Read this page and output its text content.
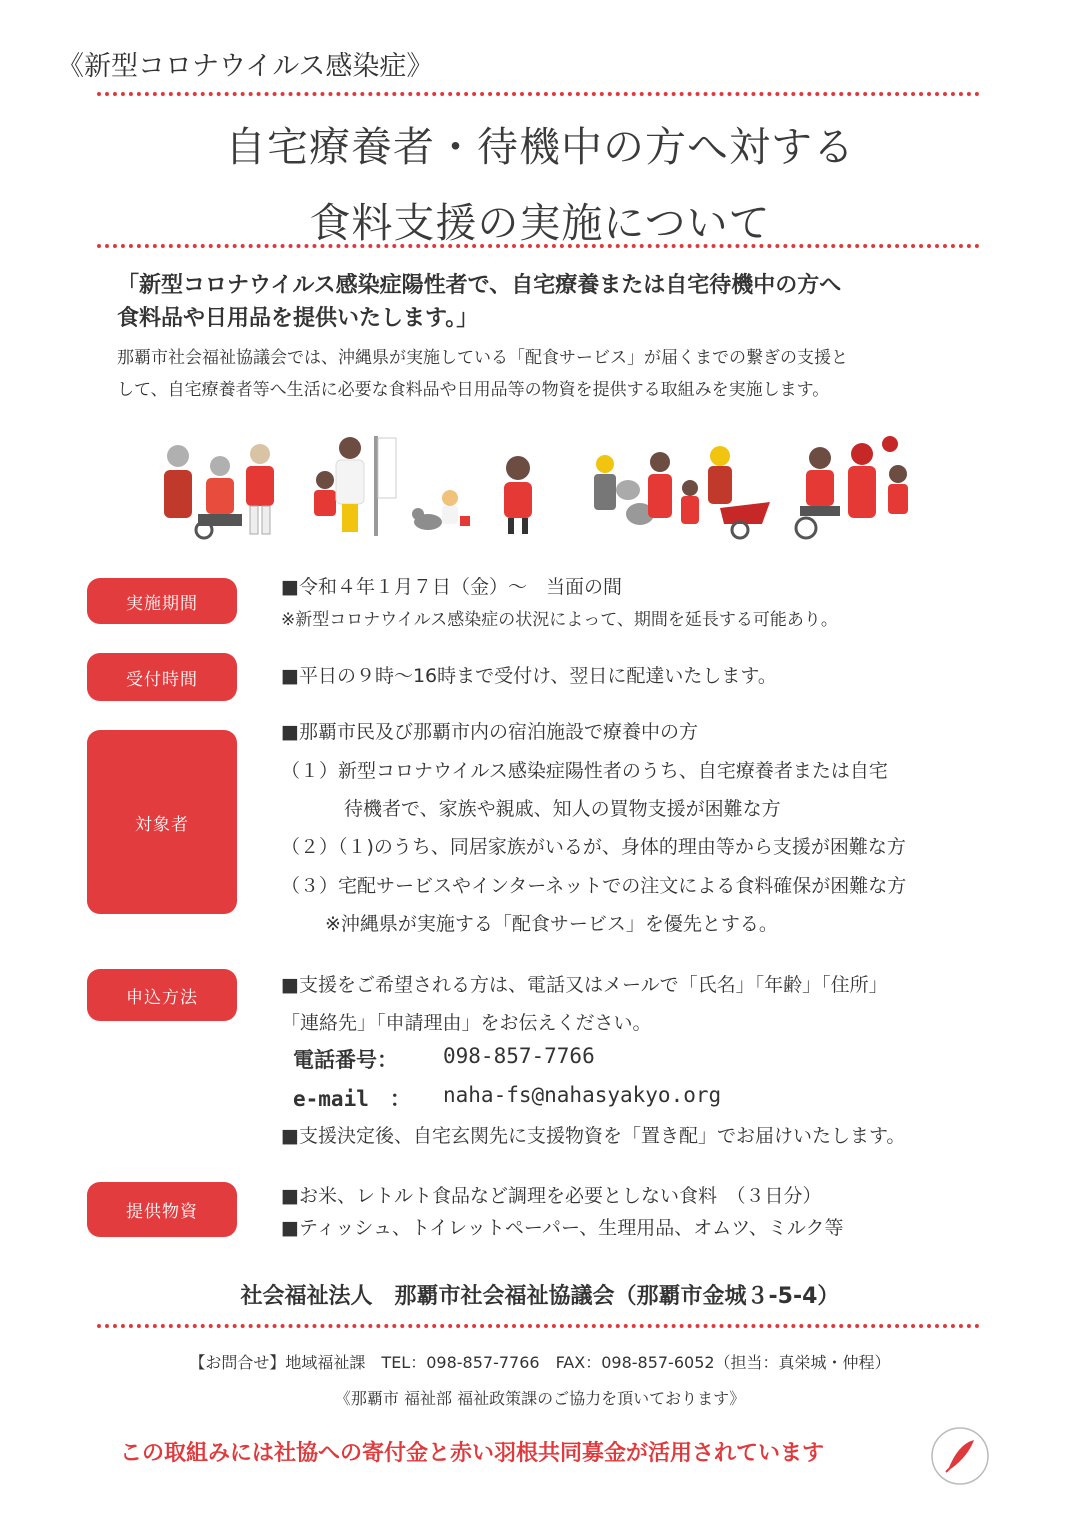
《新型コロナウイルス感染症》
自宅療養者・待機中の方へ対する
食料支援の実施について
「新型コロナウイルス感染症陽性者で、自宅療養または自宅待機中の方へ
食料品や日用品を提供いたします。」
那覇市社会福祉協議会では、沖縄県が実施している「配食サービス」が届くまでの繋ぎの支援と
して、自宅療養者等へ生活に必要な食料品や日用品等の物資を提供する取組みを実施します。
実施期間
■令和４年１月７日（金）～　当面の間
※新型コロナウイルス感染症の状況によって、期間を延長する可能あり。
受付時間	■平日の９時～16時まで受付け、翌日に配達いたします。
対象者
■那覇市民及び那覇市内の宿泊施設で療養中の方
（１）新型コロナウイルス感染症陽性者のうち、自宅療養者または自宅
待機者で、家族や親戚、知人の買物支援が困難な方
（２）（１)のうち、同居家族がいるが、身体的理由等から支援が困難な方
（３）宅配サービスやインターネットでの注文による食料確保が困難な方
※沖縄県が実施する「配食サービス」を優先とする。
申込方法
■支援をご希望される方は、電話又はメールで「氏名」「年齢」「住所」
「連絡先」「申請理由」をお伝えください。
電話番号： 098-857-7766
e-mail　： naha-fs@nahasyakyo.org
■支援決定後、自宅玄関先に支援物資を「置き配」でお届けいたします。
提供物資
■お米、レトルト食品など調理を必要としない食料　（３日分）
■ティッシュ、トイレットペーパー、生理用品、オムツ、ミルク等
社会福祉法人　那覇市社会福祉協議会（那覇市金城３-5-4）
【お問合せ】地域福祉課　TEL：098-857-7766　FAX：098-857-6052（担当：真栄城・仲程）
《那覇市 福祉部 福祉政策課のご協力を頂いております》
この取組みには社協への寄付金と赤い羽根共同募金が活用されています
